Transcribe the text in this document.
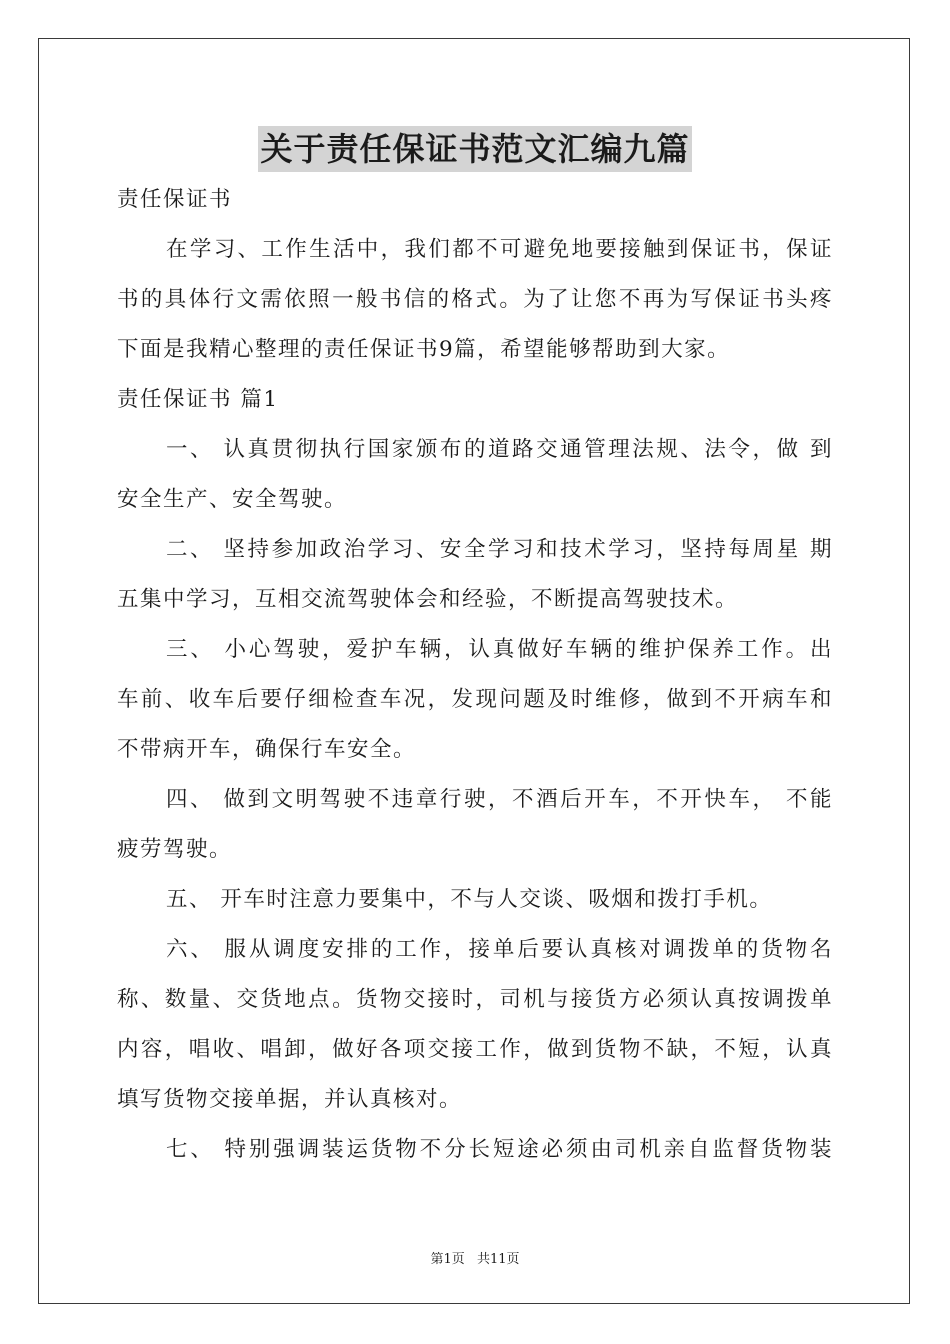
关于责任保证书范文汇编九篇
责任保证书
在学习、工作生活中，我们都不可避免地要接触到保证书，保证
书的具体行文需依照一般书信的格式。为了让您不再为写保证书头疼
下面是我精心整理的责任保证书9篇，希望能够帮助到大家。
责任保证书 篇1
一、 认真贯彻执行国家颁布的道路交通管理法规、法令，做 到
安全生产、安全驾驶。
二、 坚持参加政治学习、安全学习和技术学习，坚持每周星 期
五集中学习，互相交流驾驶体会和经验，不断提高驾驶技术。
三、 小心驾驶，爱护车辆，认真做好车辆的维护保养工作。出
车前、收车后要仔细检查车况，发现问题及时维修，做到不开病车和
不带病开车，确保行车安全。
四、 做到文明驾驶不违章行驶，不酒后开车，不开快车， 不能
疲劳驾驶。
五、 开车时注意力要集中，不与人交谈、吸烟和拨打手机。
六、 服从调度安排的工作，接单后要认真核对调拨单的货物名
称、数量、交货地点。货物交接时，司机与接货方必须认真按调拨单
内容，唱收、唱卸，做好各项交接工作，做到货物不缺，不短，认真
填写货物交接单据，并认真核对。
七、 特别强调装运货物不分长短途必须由司机亲自监督货物装
第1页 共11页
